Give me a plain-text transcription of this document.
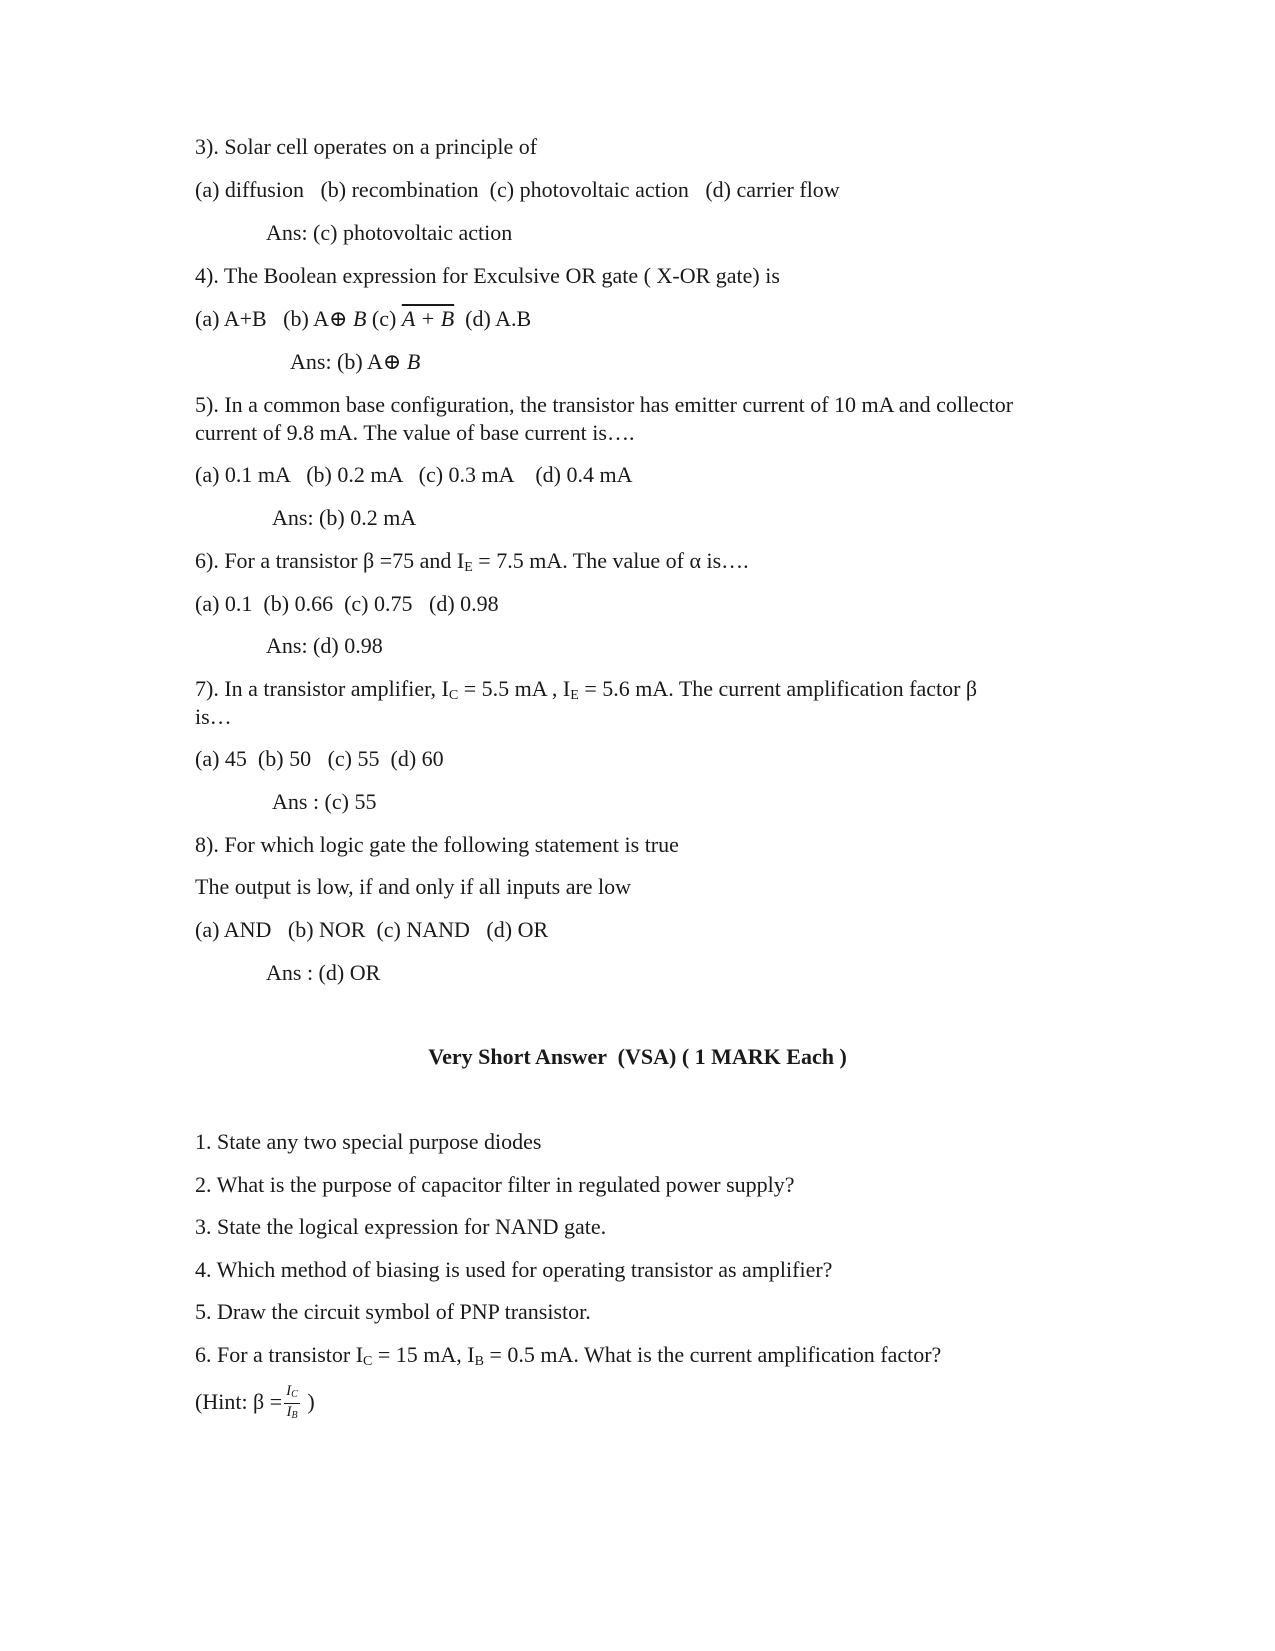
3). Solar cell operates on a principle of
(a) diffusion   (b) recombination  (c) photovoltaic action   (d) carrier flow
Ans: (c) photovoltaic action
4). The Boolean expression for Exculsive OR gate ( X-OR gate) is
(a) A+B   (b) A⊕ B (c) A + B  (d) A.B
Ans: (b) A⊕ B
5). In a common base configuration, the transistor has emitter current of 10 mA and collector
current of 9.8 mA. The value of base current is….
(a) 0.1 mA   (b) 0.2 mA   (c) 0.3 mA    (d) 0.4 mA
Ans: (b) 0.2 mA
6). For a transistor β =75 and $I_E = 7.5$ mA. The value of α is….
(a) 0.1  (b) 0.66  (c) 0.75   (d) 0.98
Ans: (d) 0.98
7). In a transistor amplifier, $I_C = 5.5$ mA , $I_E = 5.6$ mA. The current amplification factor β
is…
(a) 45  (b) 50   (c) 55  (d) 60
Ans : (c) 55
8). For which logic gate the following statement is true
The output is low, if and only if all inputs are low
(a) AND   (b) NOR  (c) NAND   (d) OR
Ans : (d) OR
Very Short Answer  (VSA) ( 1 MARK Each )
1. State any two special purpose diodes
2. What is the purpose of capacitor filter in regulated power supply?
3. State the logical expression for NAND gate.
4. Which method of biasing is used for operating transistor as amplifier?
5. Draw the circuit symbol of PNP transistor.
6. For a transistor $I_C = 15$ mA, $I_B = 0.5$ mA. What is the current amplification factor?
(Hint: $\beta = \frac{I_C}{I_B}$ )
